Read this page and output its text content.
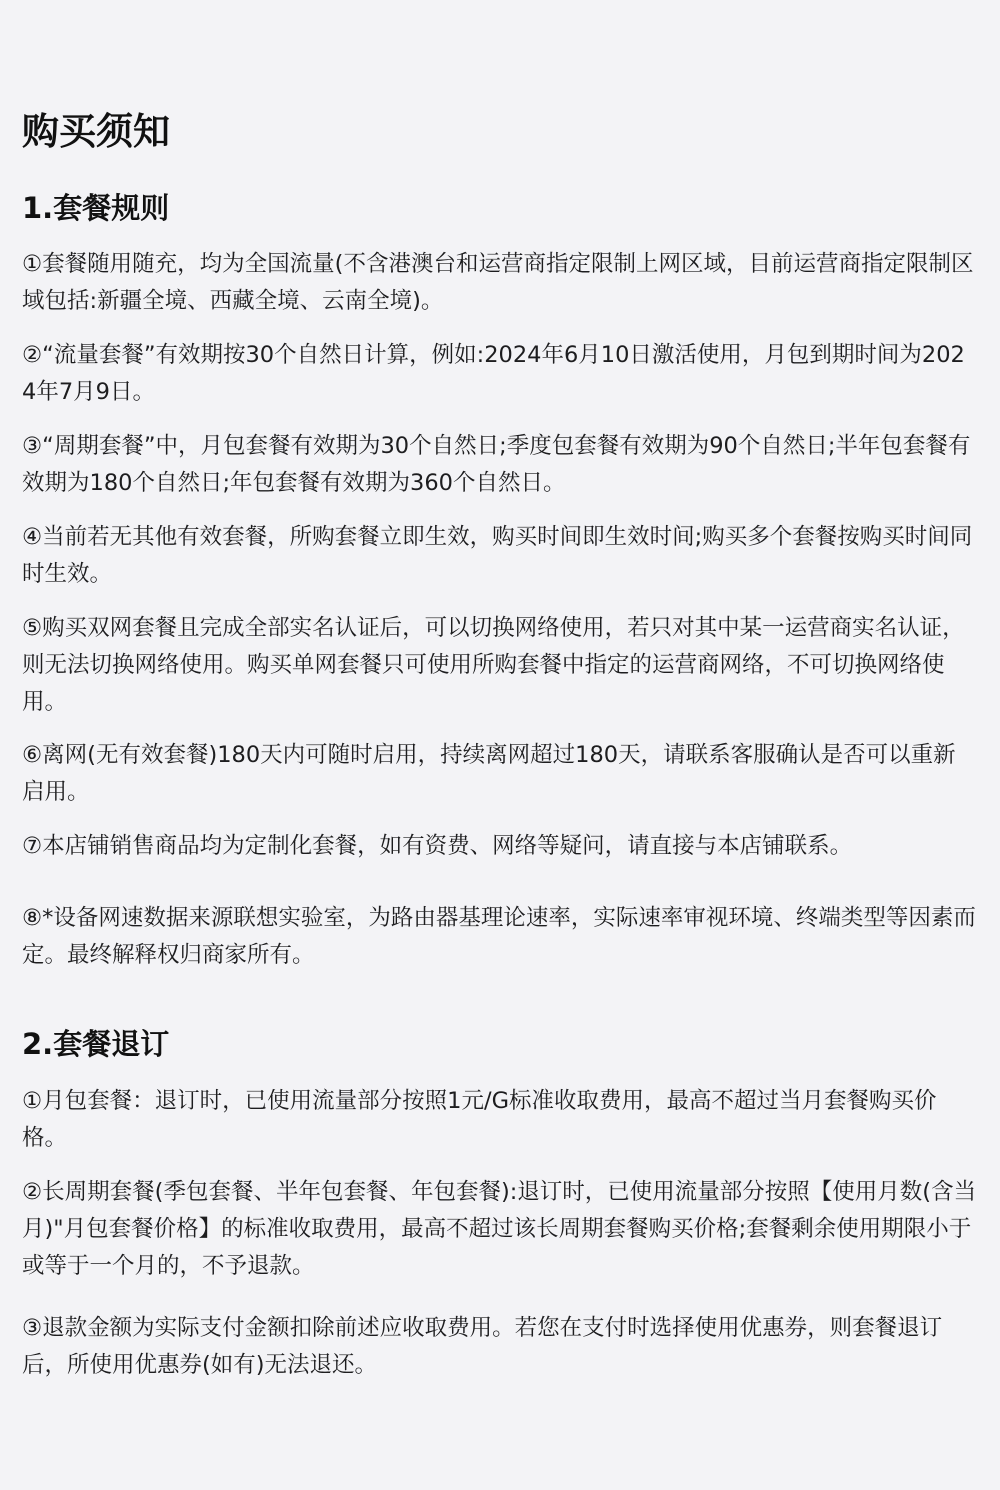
购买须知
1.套餐规则

①套餐随用随充，均为全国流量(不含港澳台和运营商指定限制上网区域，目前运营商指定限制区域包括:新疆全境、西藏全境、云南全境)。

②“流量套餐”有效期按30个自然日计算，例如:2024年6月10日激活使用，月包到期时间为2024年7月9日。

③“周期套餐”中，月包套餐有效期为30个自然日;季度包套餐有效期为90个自然日;半年包套餐有效期为180个自然日;年包套餐有效期为360个自然日。

④当前若无其他有效套餐，所购套餐立即生效，购买时间即生效时间;购买多个套餐按购买时间同时生效。

⑤购买双网套餐且完成全部实名认证后，可以切换网络使用，若只对其中某一运营商实名认证，则无法切换网络使用。购买单网套餐只可使用所购套餐中指定的运营商网络，不可切换网络使用。

⑥离网(无有效套餐)180天内可随时启用，持续离网超过180天，请联系客服确认是否可以重新启用。

⑦本店铺销售商品均为定制化套餐，如有资费、网络等疑问，请直接与本店铺联系。

⑧*设备网速数据来源联想实验室，为路由器基理论速率，实际速率审视环境、终端类型等因素而定。最终解释权归商家所有。

2.套餐退订

①月包套餐：退订时，已使用流量部分按照1元/G标准收取费用，最高不超过当月套餐购买价格。

②长周期套餐(季包套餐、半年包套餐、年包套餐):退订时，已使用流量部分按照【使用月数(含当月)"月包套餐价格】的标准收取费用，最高不超过该长周期套餐购买价格;套餐剩余使用期限小于或等于一个月的，不予退款。

③退款金额为实际支付金额扣除前述应收取费用。若您在支付时选择使用优惠券，则套餐退订后，所使用优惠券(如有)无法退还。
